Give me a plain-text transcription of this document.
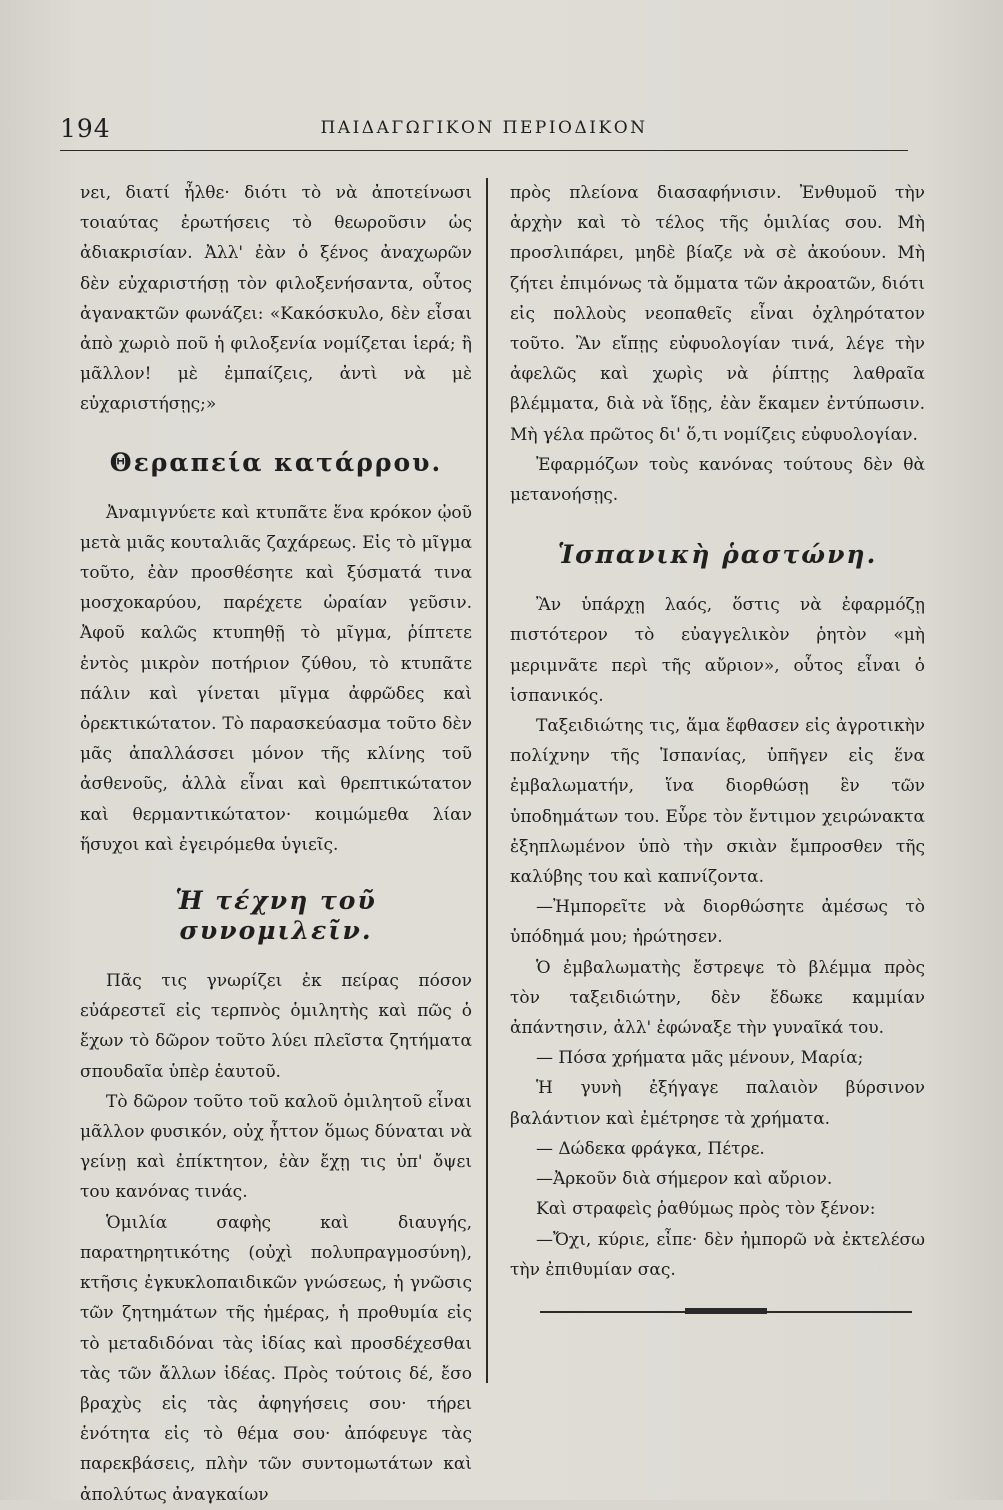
194	ΠΑΙΔΑΓΩΓΙΚΟΝ ΠΕΡΙΟΔΙΚΟΝ

νει, διατί ἦλθε· διότι τὸ νὰ ἀποτείνωσι τοιαύτας ἐρωτήσεις τὸ θεωροῦσιν ὡς ἀδιακρισίαν. Ἀλλ' ἐὰν ὁ ξένος ἀναχωρῶν δὲν εὐχαριστήσῃ τὸν φιλοξενήσαντα, οὗτος ἀγανακτῶν φωνάζει: «Κακόσκυλο, δὲν εἶσαι ἀπὸ χωριὸ ποῦ ἡ φιλοξενία νομίζεται ἱερά; ἢ μᾶλλον! μὲ ἐμπαίζεις, ἀντὶ νὰ μὲ εὐχαριστήσῃς;»

Θεραπεία κατάρρου.

Ἀναμιγνύετε καὶ κτυπᾶτε ἕνα κρόκον ᾠοῦ μετὰ μιᾶς κουταλιᾶς ζαχάρεως. Εἰς τὸ μῖγμα τοῦτο, ἐὰν προσθέσητε καὶ ξύσματά τινα μοσχοκαρύου, παρέχετε ὡραίαν γεῦσιν. Ἀφοῦ καλῶς κτυπηθῇ τὸ μῖγμα, ῥίπτετε ἐντὸς μικρὸν ποτήριον ζύθου, τὸ κτυπᾶτε πάλιν καὶ γίνεται μῖγμα ἀφρῶδες καὶ ὀρεκτικώτατον. Τὸ παρασκεύασμα τοῦτο δὲν μᾶς ἀπαλλάσσει μόνον τῆς κλίνης τοῦ ἀσθενοῦς, ἀλλὰ εἶναι καὶ θρεπτικώτατον καὶ θερμαντικώτατον· κοιμώμεθα λίαν ἥσυχοι καὶ ἐγειρόμεθα ὑγιεῖς.

Ἡ τέχνη τοῦ συνομιλεῖν.

Πᾶς τις γνωρίζει ἐκ πείρας πόσον εὐάρεστεῖ εἰς τερπνὸς ὁμιλητὴς καὶ πῶς ὁ ἔχων τὸ δῶρον τοῦτο λύει πλεῖστα ζητήματα σπουδαῖα ὑπὲρ ἑαυτοῦ.

Τὸ δῶρον τοῦτο τοῦ καλοῦ ὁμιλητοῦ εἶναι μᾶλλον φυσικόν, οὐχ ἧττον ὅμως δύναται νὰ γείνῃ καὶ ἐπίκτητον, ἐὰν ἔχῃ τις ὑπ' ὄψει του κανόνας τινάς.

Ὁμιλία σαφὴς καὶ διαυγής, παρατηρητικότης (οὐχὶ πολυπραγμοσύνη), κτῆσις ἐγκυκλοπαιδικῶν γνώσεως, ἡ γνῶσις τῶν ζητημάτων τῆς ἡμέρας, ἡ προθυμία εἰς τὸ μεταδιδόναι τὰς ἰδίας καὶ προσδέχεσθαι τὰς τῶν ἄλλων ἰδέας. Πρὸς τούτοις δέ, ἔσο βραχὺς εἰς τὰς ἀφηγήσεις σου· τήρει ἑνότητα εἰς τὸ θέμα σου· ἀπόφευγε τὰς παρεκβάσεις, πλὴν τῶν συντομωτάτων καὶ ἀπολύτως ἀναγκαίων

πρὸς πλείονα διασαφήνισιν. Ἐνθυμοῦ τὴν ἀρχὴν καὶ τὸ τέλος τῆς ὁμιλίας σου. Μὴ προσλιπάρει, μηδὲ βίαζε νὰ σὲ ἀκούουν. Μὴ ζήτει ἐπιμόνως τὰ ὄμματα τῶν ἀκροατῶν, διότι εἰς πολλοὺς νεοπαθεῖς εἶναι ὀχληρότατον τοῦτο. Ἂν εἴπῃς εὐφυολογίαν τινά, λέγε τὴν ἀφελῶς καὶ χωρὶς νὰ ῥίπτῃς λαθραῖα βλέμματα, διὰ νὰ ἴδῃς, ἐὰν ἔκαμεν ἐντύπωσιν. Μὴ γέλα πρῶτος δι' ὅ,τι νομίζεις εὐφυολογίαν.

Ἐφαρμόζων τοὺς κανόνας τούτους δὲν θὰ μετανοήσῃς.

Ἱσπανικὴ ῥαστώνη.

Ἂν ὑπάρχῃ λαός, ὅστις νὰ ἐφαρμόζῃ πιστότερον τὸ εὐαγγελικὸν ῥητὸν «μὴ μεριμνᾶτε περὶ τῆς αὔριον», οὗτος εἶναι ὁ ἱσπανικός.

Ταξειδιώτης τις, ἅμα ἔφθασεν εἰς ἀγροτικὴν πολίχνην τῆς Ἱσπανίας, ὑπῆγεν εἰς ἕνα ἐμβαλωματήν, ἵνα διορθώσῃ ἓν τῶν ὑποδημάτων του. Εὗρε τὸν ἔντιμον χειρώνακτα ἐξηπλωμένον ὑπὸ τὴν σκιὰν ἔμπροσθεν τῆς καλύβης του καὶ καπνίζοντα.

—Ἠμπορεῖτε νὰ διορθώσητε ἀμέσως τὸ ὑπόδημά μου; ἠρώτησεν.

Ὁ ἐμβαλωματὴς ἔστρεψε τὸ βλέμμα πρὸς τὸν ταξειδιώτην, δὲν ἔδωκε καμμίαν ἀπάντησιν, ἀλλ' ἐφώναξε τὴν γυναῖκά του.

— Πόσα χρήματα μᾶς μένουν, Μαρία;

Ἡ γυνὴ ἐξήγαγε παλαιὸν βύρσινον βαλάντιον καὶ ἐμέτρησε τὰ χρήματα.

— Δώδεκα φράγκα, Πέτρε.

—Ἀρκοῦν διὰ σήμερον καὶ αὔριον.

Καὶ στραφεὶς ῥαθύμως πρὸς τὸν ξένον:

—Ὄχι, κύριε, εἶπε· δὲν ἠμπορῶ νὰ ἐκτελέσω τὴν ἐπιθυμίαν σας.
